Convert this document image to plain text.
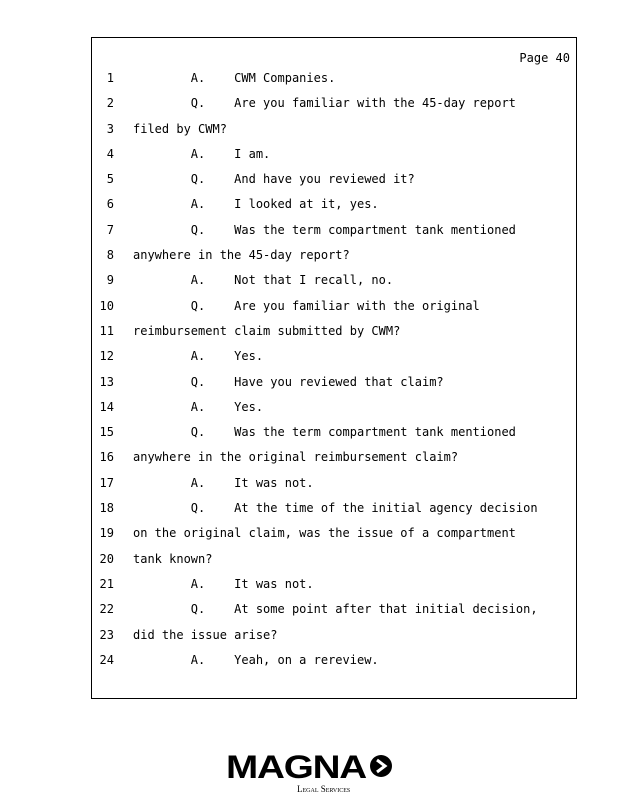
Page 40
1 A.    CWM Companies.
2 Q.    Are you familiar with the 45-day report
3 filed by CWM?
4 A.    I am.
5 Q.    And have you reviewed it?
6 A.    I looked at it, yes.
7 Q.    Was the term compartment tank mentioned
8 anywhere in the 45-day report?
9 A.    Not that I recall, no.
10 Q.    Are you familiar with the original
11 reimbursement claim submitted by CWM?
12 A.    Yes.
13 Q.    Have you reviewed that claim?
14 A.    Yes.
15 Q.    Was the term compartment tank mentioned
16 anywhere in the original reimbursement claim?
17 A.    It was not.
18 Q.    At the time of the initial agency decision
19 on the original claim, was the issue of a compartment
20 tank known?
21 A.    It was not.
22 Q.    At some point after that initial decision,
23 did the issue arise?
24 A.    Yeah, on a rereview.
MAGNA
Legal Services
